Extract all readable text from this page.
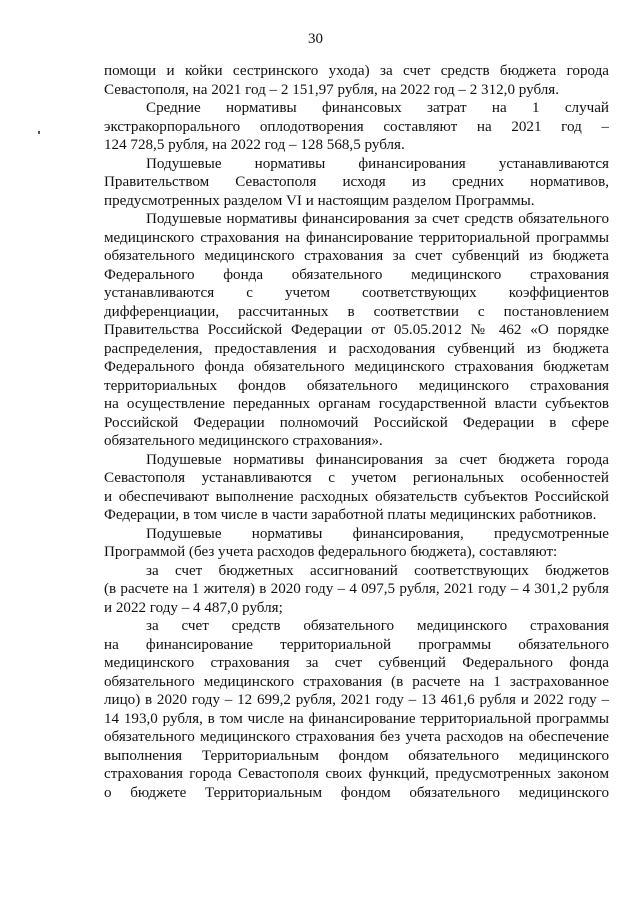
30
помощи и койки сестринского ухода) за счет средств бюджета города
Севастополя, на 2021 год – 2 151,97 рубля, на 2022 год – 2 312,0 рубля.
Средние нормативы финансовых затрат на 1 случай
экстракорпорального оплодотворения составляют на 2021 год –
124 728,5 рубля, на 2022 год – 128 568,5 рубля.
Подушевые нормативы финансирования устанавливаются
Правительством Севастополя исходя из средних нормативов,
предусмотренных разделом VI и настоящим разделом Программы.
Подушевые нормативы финансирования за счет средств обязательного
медицинского страхования на финансирование территориальной программы
обязательного медицинского страхования за счет субвенций из бюджета
Федерального фонда обязательного медицинского страхования
устанавливаются с учетом соответствующих коэффициентов
дифференциации, рассчитанных в соответствии с постановлением
Правительства Российской Федерации от 05.05.2012 № 462 «О порядке
распределения, предоставления и расходования субвенций из бюджета
Федерального фонда обязательного медицинского страхования бюджетам
территориальных фондов обязательного медицинского страхования
на осуществление переданных органам государственной власти субъектов
Российской Федерации полномочий Российской Федерации в сфере
обязательного медицинского страхования».
Подушевые нормативы финансирования за счет бюджета города
Севастополя устанавливаются с учетом региональных особенностей
и обеспечивают выполнение расходных обязательств субъектов Российской
Федерации, в том числе в части заработной платы медицинских работников.
Подушевые нормативы финансирования, предусмотренные
Программой (без учета расходов федерального бюджета), составляют:
за счет бюджетных ассигнований соответствующих бюджетов
(в расчете на 1 жителя) в 2020 году – 4 097,5 рубля, 2021 году – 4 301,2 рубля
и 2022 году – 4 487,0 рубля;
за счет средств обязательного медицинского страхования
на финансирование территориальной программы обязательного
медицинского страхования за счет субвенций Федерального фонда
обязательного медицинского страхования (в расчете на 1 застрахованное
лицо) в 2020 году – 12 699,2 рубля, 2021 году – 13 461,6 рубля и 2022 году –
14 193,0 рубля, в том числе на финансирование территориальной программы
обязательного медицинского страхования без учета расходов на обеспечение
выполнения Территориальным фондом обязательного медицинского
страхования города Севастополя своих функций, предусмотренных законом
о бюджете Территориальным фондом обязательного медицинского
